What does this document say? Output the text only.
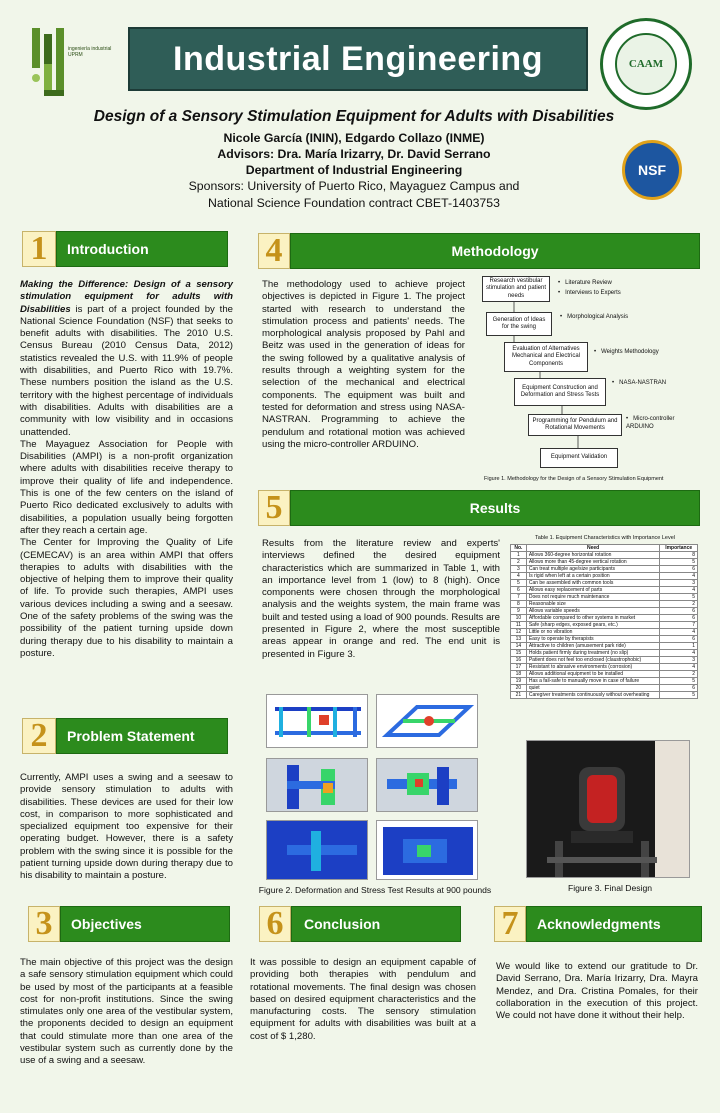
ingeniería industrial UPRM	Industrial Engineering	CAAM
NSF
Design of a Sensory Stimulation Equipment for Adults with Disabilities
Nicole García (ININ), Edgardo Collazo (INME)
Advisors: Dra. María Irizarry, Dr. David Serrano
Department of Industrial Engineering
Sponsors: University of Puerto Rico, Mayaguez Campus and
National Science Foundation contract CBET-1403753
1	Introduction

Making the Difference: Design of a sensory stimulation equipment for adults with Disabilities is part of a project founded by the National Science Foundation (NSF) that seeks to benefit adults with disabilities. The 2010 U.S. Census Bureau (2010 Census Data, 2012) statistics revealed the U.S. with 11.9% of people with disabilities, and Puerto Rico with 19.7%. These numbers position the island as the U.S. territory with the highest percentage of individuals with disabilities. Adults with disabilities are a community with low visibility and in occasions unattended.

The Mayaguez Association for People with Disabilities (AMPI) is a non-profit organization where adults with disabilities receive therapy to improve their quality of life and independence. This is one of the few centers on the island of Puerto Rico dedicated exclusively to adults with disabilities, a population usually being forgotten after they reach a certain age.

The Center for Improving the Quality of Life (CEMECAV) is an area within AMPI that offers therapies to adults with disabilities with the objective of helping them to improve their quality of life. To provide such therapies, AMPI uses various devices including a swing and a seesaw. One of the safety problems of the swing was the possibility of the patient turning upside down during therapy due to his disability to maintain a posture.

2	Problem Statement
Currently, AMPI uses a swing and a seesaw to provide sensory stimulation to adults with disabilities. These devices are used for their low cost, in comparison to more sophisticated and specialized equipment too expensive for their operating budget. However, there is a safety problem with the swing since it is possible for the patient turning upside down during therapy due to his disability to maintain a posture.
3	Objectives
The main objective of this project was the design a safe sensory stimulation equipment which could be used by most of the participants at a feasible cost for non-profit institutions. Since the swing stimulates only one area of the vestibular system, the proponents decided to design an equipment that could stimulate more than one area of the vestibular system such as currently done by the use of a swing and a seesaw.
4	Methodology
The methodology used to achieve project objectives is depicted in Figure 1. The project started with research to understand the stimulation process and patients' needs. The morphological analysis proposed by Pahl and Beitz was used in the generation of ideas for the swing followed by a qualitative analysis of results through a weighting system for the selection of the mechanical and electrical components. The equipment was built and tested for deformation and stress using NASA-NASTRAN. Programming to achieve the pendulum and rotational motion was achieved using the micro-controller ARDUINO.
Research vestibular stimulation and patient needs
Generation of Ideas for the swing
Evaluation of Alternatives Mechanical and Electrical Components
Equipment Construction and Deformation and Stress Tests
Programming for Pendulum and Rotational Movements
Equipment Validation
• Literature Review
• Interviews to Experts
• Morphological Analysis
• Weights Methodology
• NASA-NASTRAN
• Micro-controller ARDUINO
Figure 1. Methodology for the Design of a Sensory Stimulation Equipment
5	Results
Results from the literature review and experts' interviews defined the desired equipment characteristics which are summarized in Table 1, with an importance level from 1 (low) to 8 (high). Once components were chosen through the morphological analysis and the weights system, the main frame was built and tested using a load of 900 pounds. Results are presented in Figure 2, where the most susceptible areas appear in orange and red. The end unit is presented in Figure 3.
Table 1. Equipment Characteristics with Importance Level
No.	Need	Importance
1	Allows 360-degree horizontal rotation	8
2	Allows more than 45-degree vertical rotation	5
3	Can treat multiple age/size participants	6
4	Is rigid when left at a certain position	4
5	Can be assembled with common tools	3
6	Allows easy replacement of parts	4
7	Does not require much maintenance	5
8	Reasonable size	2
9	Allows variable speeds	6
10	Affordable compared to other systems in market	6
11	Safe (sharp edges, exposed gears, etc.)	7
12	Little or no vibration	4
13	Easy to operate by therapists	6
14	Attractive to children (amusement park ride)	1
15	Holds patient firmly during treatment (no slip)	4
16	Patient does not feel too enclosed (claustrophobic)	3
17	Resistant to abrasive environments (corrosion)	4
18	Allows additional equipment to be installed	2
19	Has a fail-safe to manually move in case of failure	5
20	quiet	6
21	Caregiver treatments continuously without overheating	5
Figure 2. Deformation and Stress Test Results at 900 pounds	Figure 3. Final Design
6	Conclusion
It was possible to design an equipment capable of providing both therapies with pendulum and rotational movements. The final design was chosen based on desired equipment characteristics and the manufacturing costs. The sensory stimulation equipment for adults with disabilities was built at a cost of $ 1,280.
7	Acknowledgments
We would like to extend our gratitude to Dr. David Serrano, Dra. María Irizarry, Dra. Mayra Mendez, and Dra. Cristina Pomales, for their collaboration in the execution of this project. We could not have done it without their help.
